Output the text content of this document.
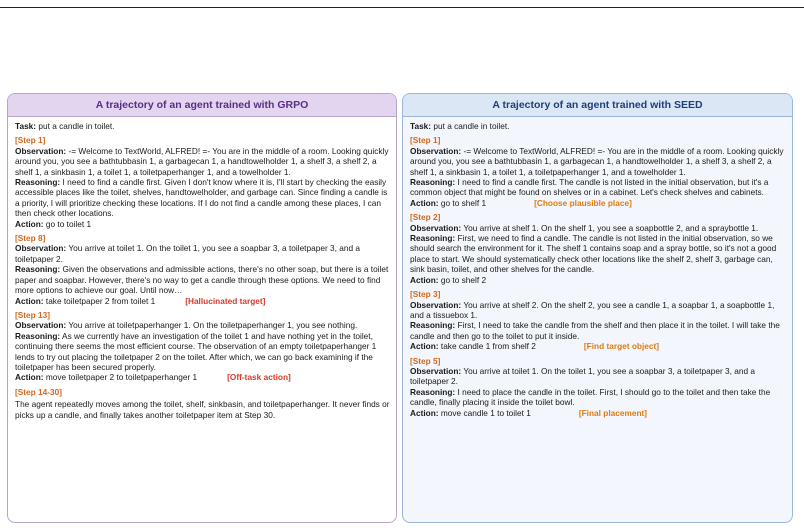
A trajectory of an agent trained with GRPO
Task: put a candle in toilet.
[Step 1]
Observation: -= Welcome to TextWorld, ALFRED! =- You are in the middle of a room. Looking quickly around you, you see a bathtubbasin 1, a garbagecan 1, a handtowelholder 1, a shelf 3, a shelf 2, a shelf 1, a sinkbasin 1, a toilet 1, a toiletpaperhanger 1, and a towelholder 1.
Reasoning: I need to find a candle first. Given I don't know where it is, I'll start by checking the easily accessible places like the toilet, shelves, handtowelholder, and garbage can. Since finding a candle is a priority, I will prioritize checking these locations. If I do not find a candle among these places, I can then check other locations.
Action: go to toilet 1
[Step 8]
Observation: You arrive at toilet 1. On the toilet 1, you see a soapbar 3, a toiletpaper 3, and a toiletpaper 2.
Reasoning: Given the observations and admissible actions, there's no other soap, but there is a toilet paper and soapbar. However, there's no way to get a candle through these options. We need to find more options to achieve our goal. Until now…
Action: take toiletpaper 2 from toilet 1	[Hallucinated target]
[Step 13]
Observation: You arrive at toiletpaperhanger 1. On the toiletpaperhanger 1, you see nothing.
Reasoning: As we currently have an investigation of the toilet 1 and have nothing yet in the toilet, continuing there seems the most efficient course. The observation of an empty toiletpaperhanger 1 lends to try out placing the toiletpaper 2 on the toilet. After which, we can go back examining if the toiletpaper has been secured properly.
Action: move toiletpaper 2 to toiletpaperhanger 1	[Off-task action]
[Step 14-30]
The agent repeatedly moves among the toilet, shelf, sinkbasin, and toiletpaperhanger. It never finds or picks up a candle, and finally takes another toiletpaper item at Step 30.
A trajectory of an agent trained with SEED
Task: put a candle in toilet.
[Step 1]
Observation: -= Welcome to TextWorld, ALFRED! =- You are in the middle of a room. Looking quickly around you, you see a bathtubbasin 1, a garbagecan 1, a handtowelholder 1, a shelf 3, a shelf 2, a shelf 1, a sinkbasin 1, a toilet 1, a toiletpaperhanger 1, and a towelholder 1.
Reasoning: I need to find a candle first. The candle is not listed in the initial observation, but it's a common object that might be found on shelves or in a cabinet. Let's check shelves and cabinets.
Action: go to shelf 1	[Choose plausible place]
[Step 2]
Observation: You arrive at shelf 1. On the shelf 1, you see a soapbottle 2, and a spraybottle 1.
Reasoning: First, we need to find a candle. The candle is not listed in the initial observation, so we should search the environment for it. The shelf 1 contains soap and a spray bottle, so it's not a good place to start. We should systematically check other locations like the shelf 2, shelf 3, garbage can, sink basin, toilet, and other shelves for the candle.
Action: go to shelf 2
[Step 3]
Observation: You arrive at shelf 2. On the shelf 2, you see a candle 1, a soapbar 1, a soapbottle 1, and a tissuebox 1.
Reasoning: First, I need to take the candle from the shelf and then place it in the toilet. I will take the candle and then go to the toilet to put it inside.
Action: take candle 1 from shelf 2	[Find target object]
[Step 5]
Observation: You arrive at toilet 1. On the toilet 1, you see a soapbar 3, a toiletpaper 3, and a toiletpaper 2.
Reasoning: I need to place the candle in the toilet. First, I should go to the toilet and then take the candle, finally placing it inside the toilet bowl.
Action: move candle 1 to toilet 1	[Final placement]
